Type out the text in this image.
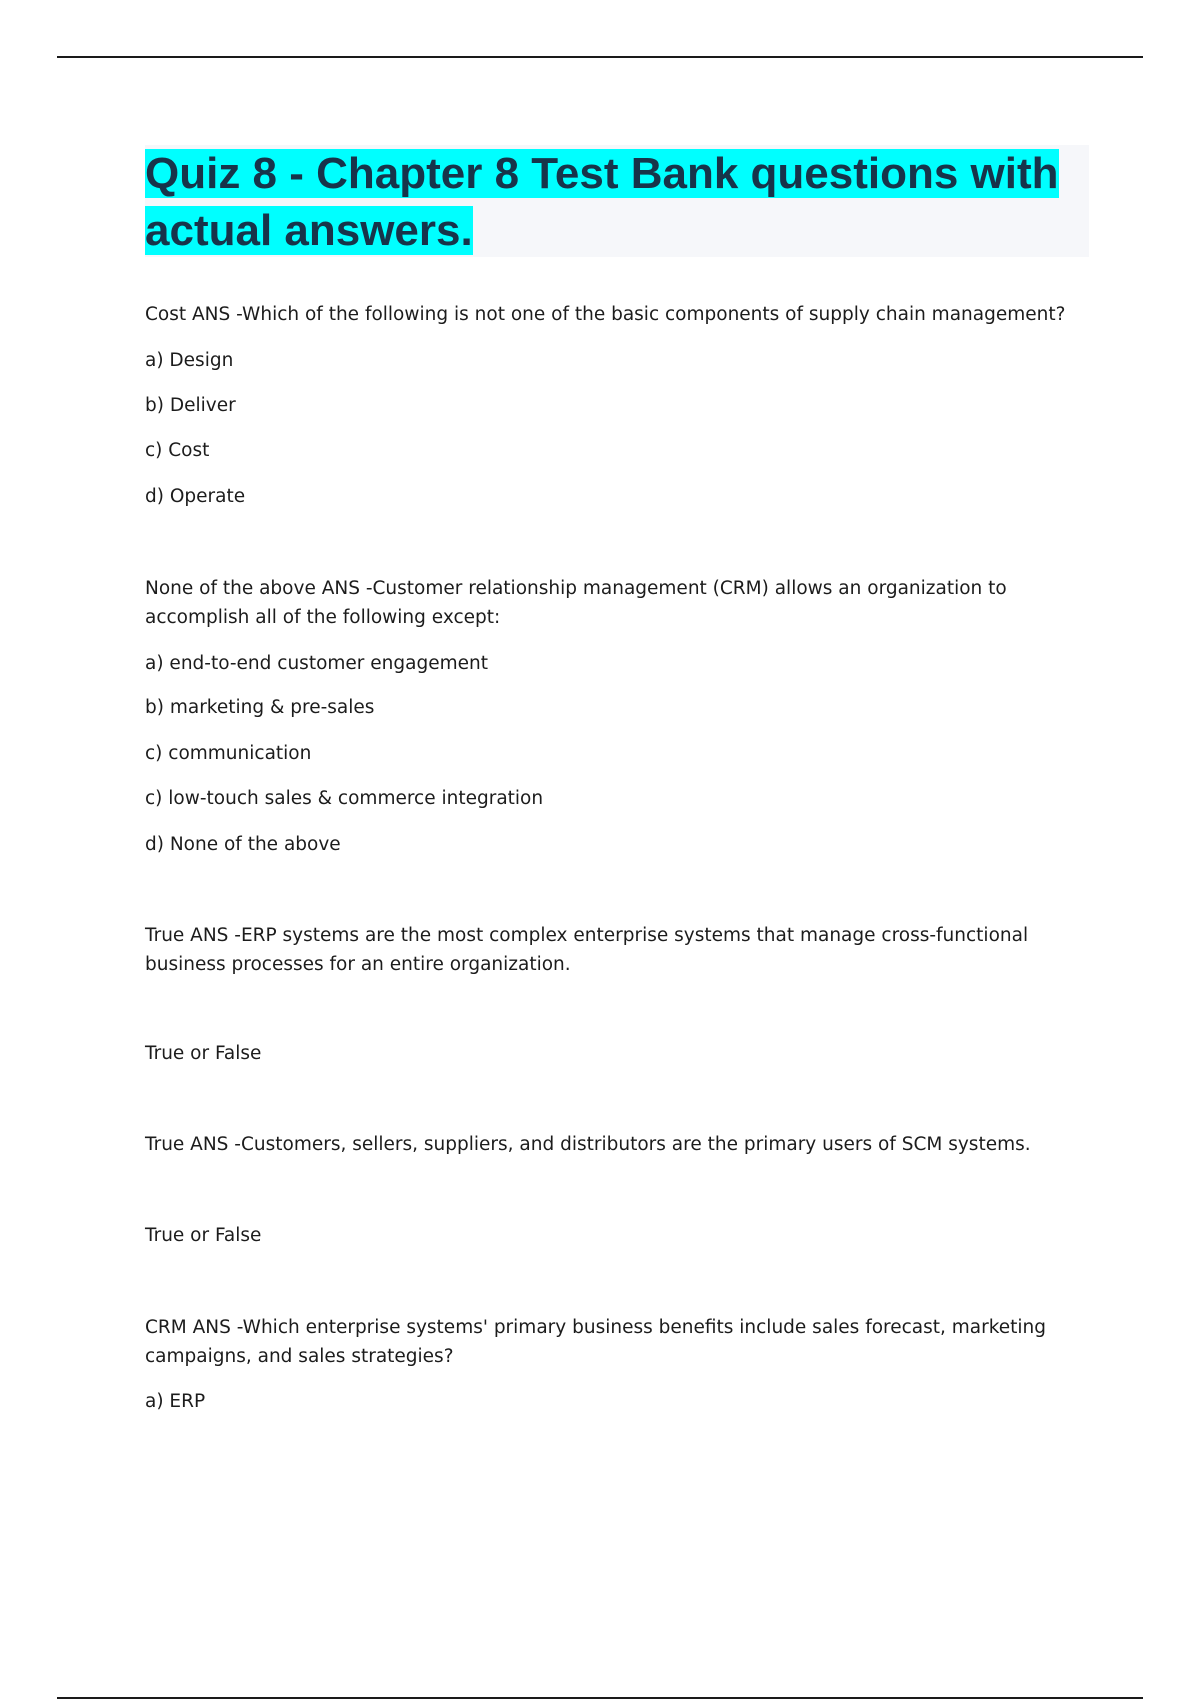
Quiz 8 - Chapter 8 Test Bank questions with actual answers.

Cost ANS -Which of the following is not one of the basic components of supply chain management?

a) Design

b) Deliver

c) Cost

d) Operate

None of the above ANS -Customer relationship management (CRM) allows an organization to accomplish all of the following except:

a) end-to-end customer engagement

b) marketing & pre-sales

c) communication

c) low-touch sales & commerce integration

d) None of the above

True ANS -ERP systems are the most complex enterprise systems that manage cross-functional business processes for an entire organization.

True or False

True ANS -Customers, sellers, suppliers, and distributors are the primary users of SCM systems.

True or False

CRM ANS -Which enterprise systems' primary business benefits include sales forecast, marketing campaigns, and sales strategies?

a) ERP
